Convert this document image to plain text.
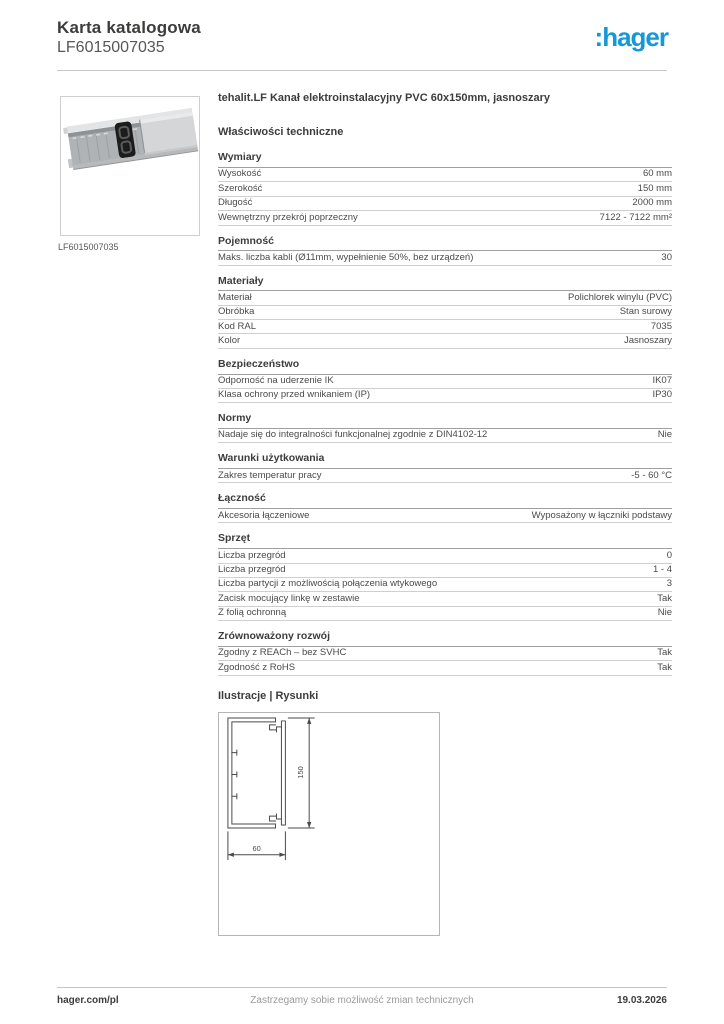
Karta katalogowa
LF6015007035	:hager
LF6015007035
tehalit.LF Kanał elektroinstalacyjny PVC 60x150mm, jasnoszary
Właściwości techniczne
Wymiary
Wysokość	60 mm
Szerokość	150 mm
Długość	2000 mm
Wewnętrzny przekrój poprzeczny	7122 - 7122 mm²
Pojemność
Maks. liczba kabli (Ø11mm, wypełnienie 50%, bez urządzeń)	30
Materiały
Materiał	Polichlorek winylu (PVC)
Obróbka	Stan surowy
Kod RAL	7035
Kolor	Jasnoszary
Bezpieczeństwo
Odporność na uderzenie IK	IK07
Klasa ochrony przed wnikaniem (IP)	IP30
Normy
Nadaje się do integralności funkcjonalnej zgodnie z DIN4102-12	Nie
Warunki użytkowania
Zakres temperatur pracy	-5 - 60 °C
Łączność
Akcesoria łączeniowe	Wyposażony w łączniki podstawy
Sprzęt
Liczba przegród	0
Liczba przegród	1 - 4
Liczba partycji z możliwością połączenia wtykowego	3
Zacisk mocujący linkę w zestawie	Tak
Z folią ochronną	Nie
Zrównoważony rozwój
Zgodny z REACh – bez SVHC	Tak
Zgodność z RoHS	Tak
Ilustracje | Rysunki
150
60
hager.com/pl	Zastrzegamy sobie możliwość zmian technicznych	19.03.2026
